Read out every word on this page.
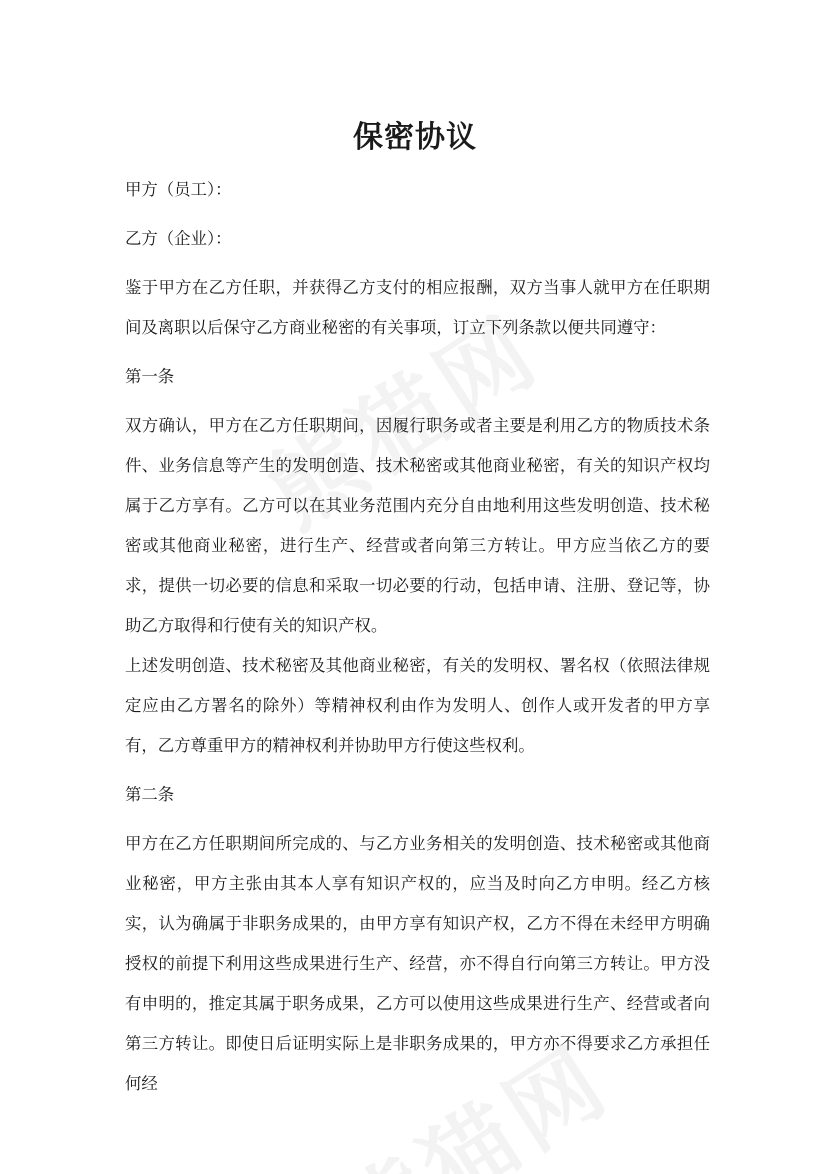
保密协议

甲方（员工）：

乙方（企业）：

鉴于甲方在乙方任职，并获得乙方支付的相应报酬，双方当事人就甲方在任职期间及离职以后保守乙方商业秘密的有关事项，订立下列条款以便共同遵守：

第一条

双方确认，甲方在乙方任职期间，因履行职务或者主要是利用乙方的物质技术条件、业务信息等产生的发明创造、技术秘密或其他商业秘密，有关的知识产权均属于乙方享有。乙方可以在其业务范围内充分自由地利用这些发明创造、技术秘密或其他商业秘密，进行生产、经营或者向第三方转让。甲方应当依乙方的要求，提供一切必要的信息和采取一切必要的行动，包括申请、注册、登记等，协助乙方取得和行使有关的知识产权。

上述发明创造、技术秘密及其他商业秘密，有关的发明权、署名权（依照法律规定应由乙方署名的除外）等精神权利由作为发明人、创作人或开发者的甲方享有，乙方尊重甲方的精神权利并协助甲方行使这些权利。

第二条

甲方在乙方任职期间所完成的、与乙方业务相关的发明创造、技术秘密或其他商业秘密，甲方主张由其本人享有知识产权的，应当及时向乙方申明。经乙方核实，认为确属于非职务成果的，由甲方享有知识产权，乙方不得在未经甲方明确授权的前提下利用这些成果进行生产、经营，亦不得自行向第三方转让。甲方没有申明的，推定其属于职务成果，乙方可以使用这些成果进行生产、经营或者向第三方转让。即使日后证明实际上是非职务成果的，甲方亦不得要求乙方承担任何经
